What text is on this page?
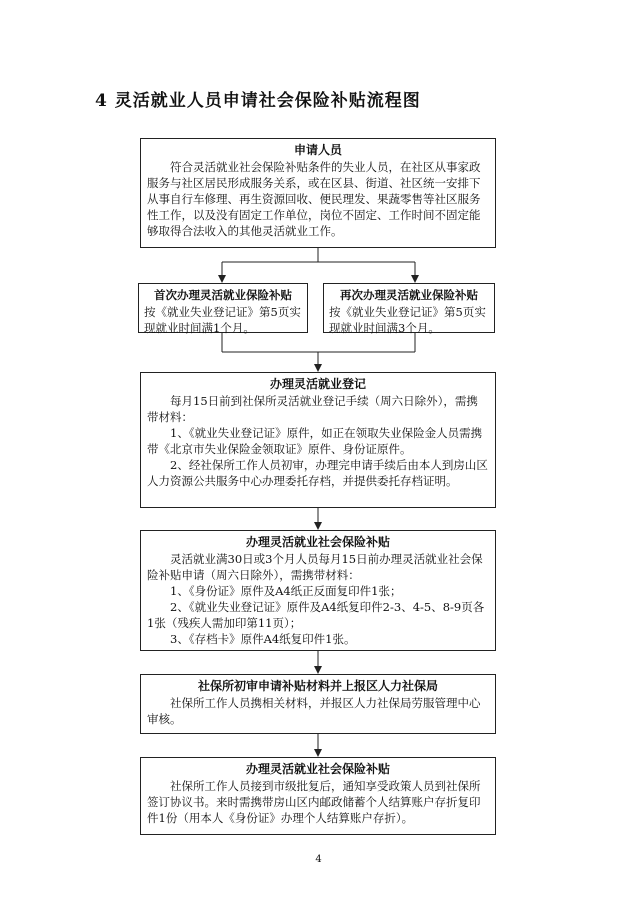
4 灵活就业人员申请社会保险补贴流程图
申请人员

符合灵活就业社会保险补贴条件的失业人员，在社区从事家政服务与社区居民形成服务关系，或在区县、街道、社区统一安排下从事自行车修理、再生资源回收、便民理发、果蔬零售等社区服务性工作，以及没有固定工作单位，岗位不固定、工作时间不固定能够取得合法收入的其他灵活就业工作。

首次办理灵活就业保险补贴

按《就业失业登记证》第5页实现就业时间满1个月。

再次办理灵活就业保险补贴

按《就业失业登记证》第5页实现就业时间满3个月。

办理灵活就业登记

每月15日前到社保所灵活就业登记手续（周六日除外），需携带材料：

1、《就业失业登记证》原件，如正在领取失业保险金人员需携带《北京市失业保险金领取证》原件、身份证原件。

2、经社保所工作人员初审，办理完申请手续后由本人到房山区人力资源公共服务中心办理委托存档，并提供委托存档证明。

办理灵活就业社会保险补贴

灵活就业满30日或3个月人员每月15日前办理灵活就业社会保险补贴申请（周六日除外），需携带材料：

1、《身份证》原件及A4纸正反面复印件1张；

2、《就业失业登记证》原件及A4纸复印件2-3、4-5、8-9页各1张（残疾人需加印第11页）；

3、《存档卡》原件A4纸复印件1张。

社保所初审申请补贴材料并上报区人力社保局

社保所工作人员携相关材料，并报区人力社保局劳服管理中心审核。

办理灵活就业社会保险补贴

社保所工作人员接到市级批复后，通知享受政策人员到社保所签订协议书。来时需携带房山区内邮政储蓄个人结算账户存折复印件1份（用本人《身份证》办理个人结算账户存折）。

4
